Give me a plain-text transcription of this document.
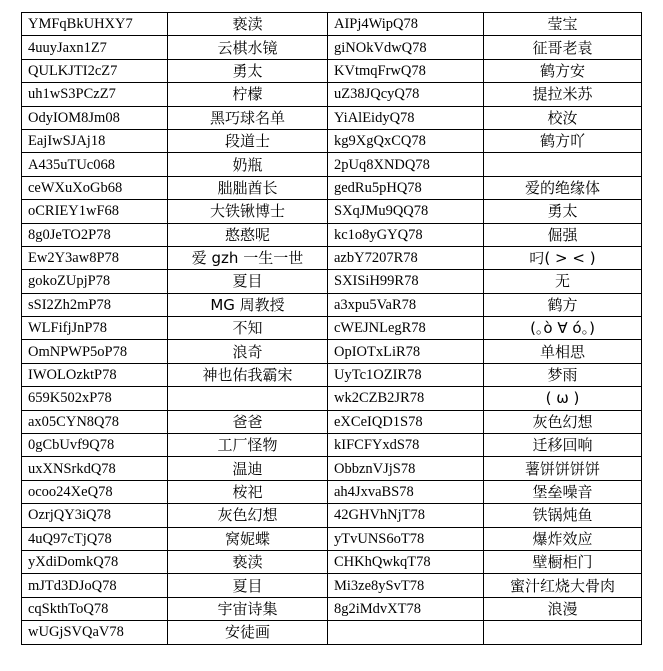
YMFqBkUHXY7	亵渎	AIPj4WipQ78	莹宝
4uuyJaxn1Z7	云棋水镜	giNOkVdwQ78	征哥老袁
QULKJTI2cZ7	勇太	KVtmqFrwQ78	鹤方安
uh1wS3PCzZ7	柠檬	uZ38JQcyQ78	提拉米苏
OdyIOM8Jm08	黑巧球名单	YiAlEidyQ78	校汝
EajIwSJAj18	段道士	kg9XgQxCQ78	鹤方吖
A435uTUc068	奶瓶	2pUq8XNDQ78	
ceWXuXoGb68	胐胐酋长	gedRu5pHQ78	爱的绝缘体
oCRIEY1wF68	大铁锹博士	SXqJMu9QQ78	勇太
8g0JeTO2P78	憨憨呢	kc1o8yGYQ78	倔强
Ew2Y3aw8P78	爱 gzh 一生一世	azbY7207R78	叼( > < )
gokoZUpjP78	夏目	SXISiH99R78	无
sSI2Zh2mP78	MG 周教授	a3xpu5VaR78	鹤方
WLFifjJnP78	不知	cWEJNLegR78	(｡ò ∀ ó｡)
OmNPWP5oP78	浪奇	OpIOTxLiR78	单相思
IWOLOzktP78	神也佑我霸宋	UyTc1OZIR78	梦雨
659K502xP78		wk2CZB2JR78	( ω )
ax05CYN8Q78	爸爸	eXCeIQD1S78	灰色幻想
0gCbUvf9Q78	工厂怪物	kIFCFYxdS78	迁移回响
uxXNSrkdQ78	温迪	ObbznVJjS78	薯饼饼饼饼
ocoo24XeQ78	桉祀	ah4JxvaBS78	堡垒噪音
OzrjQY3iQ78	灰色幻想	42GHVhNjT78	铁锅炖鱼
4uQ97cTjQ78	窝妮蝶	yTvUNS6oT78	爆炸效应
yXdiDomkQ78	亵渎	CHKhQwkqT78	壁橱柜门
mJTd3DJoQ78	夏目	Mi3ze8ySvT78	蜜汁红烧大骨肉
cqSkthToQ78	宇宙诗集	8g2iMdvXT78	浪漫
wUGjSVQaV78	安徒画		
